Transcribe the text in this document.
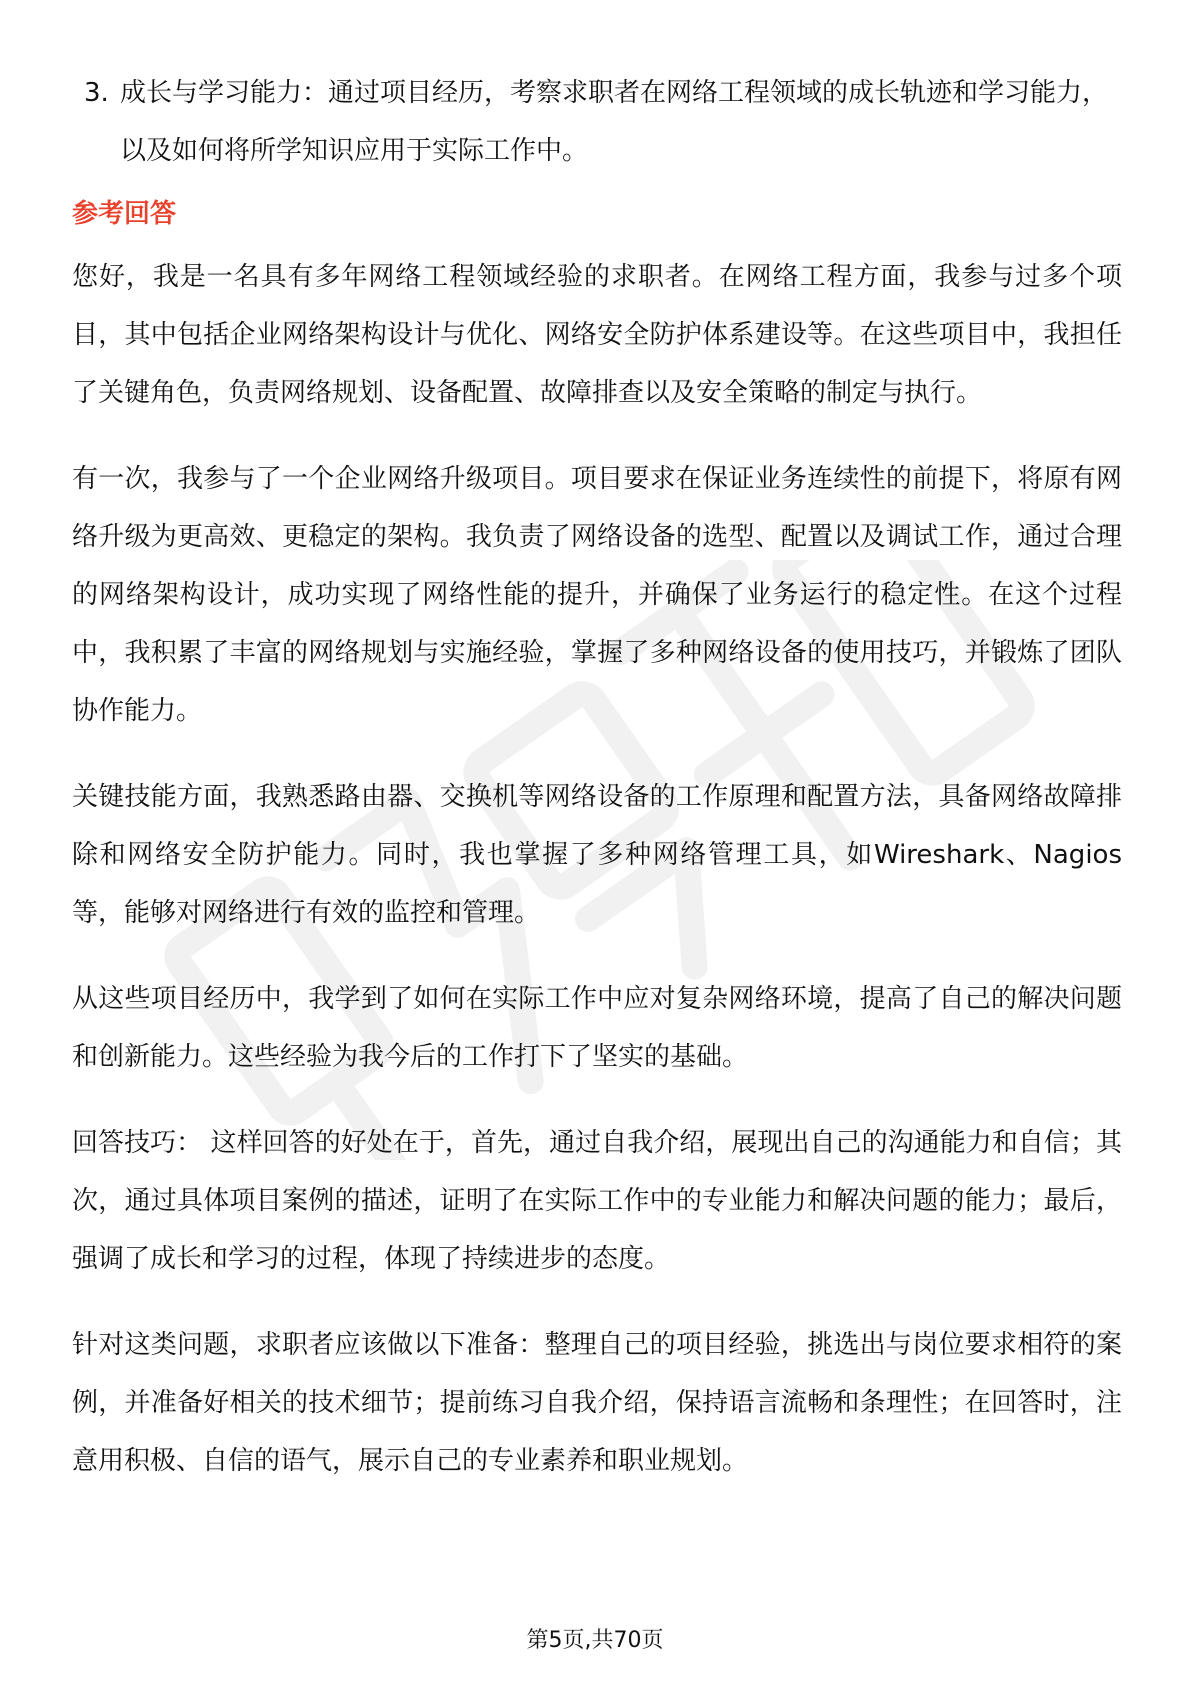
3. 成长与学习能力：通过项目经历，考察求职者在网络工程领域的成长轨迹和学习能力，以及如何将所学知识应用于实际工作中。
参考回答

您好，我是一名具有多年网络工程领域经验的求职者。在网络工程方面，我参与过多个项目，其中包括企业网络架构设计与优化、网络安全防护体系建设等。在这些项目中，我担任了关键角色，负责网络规划、设备配置、故障排查以及安全策略的制定与执行。

有一次，我参与了一个企业网络升级项目。项目要求在保证业务连续性的前提下，将原有网络升级为更高效、更稳定的架构。我负责了网络设备的选型、配置以及调试工作，通过合理的网络架构设计，成功实现了网络性能的提升，并确保了业务运行的稳定性。在这个过程中，我积累了丰富的网络规划与实施经验，掌握了多种网络设备的使用技巧，并锻炼了团队协作能力。

关键技能方面，我熟悉路由器、交换机等网络设备的工作原理和配置方法，具备网络故障排除和网络安全防护能力。同时，我也掌握了多种网络管理工具，如Wireshark、Nagios等，能够对网络进行有效的监控和管理。

从这些项目经历中，我学到了如何在实际工作中应对复杂网络环境，提高了自己的解决问题和创新能力。这些经验为我今后的工作打下了坚实的基础。

回答技巧： 这样回答的好处在于，首先，通过自我介绍，展现出自己的沟通能力和自信；其次，通过具体项目案例的描述，证明了在实际工作中的专业能力和解决问题的能力；最后，强调了成长和学习的过程，体现了持续进步的态度。

针对这类问题，求职者应该做以下准备：整理自己的项目经验，挑选出与岗位要求相符的案例，并准备好相关的技术细节；提前练习自我介绍，保持语言流畅和条理性；在回答时，注意用积极、自信的语气，展示自己的专业素养和职业规划。

第5页,共70页
